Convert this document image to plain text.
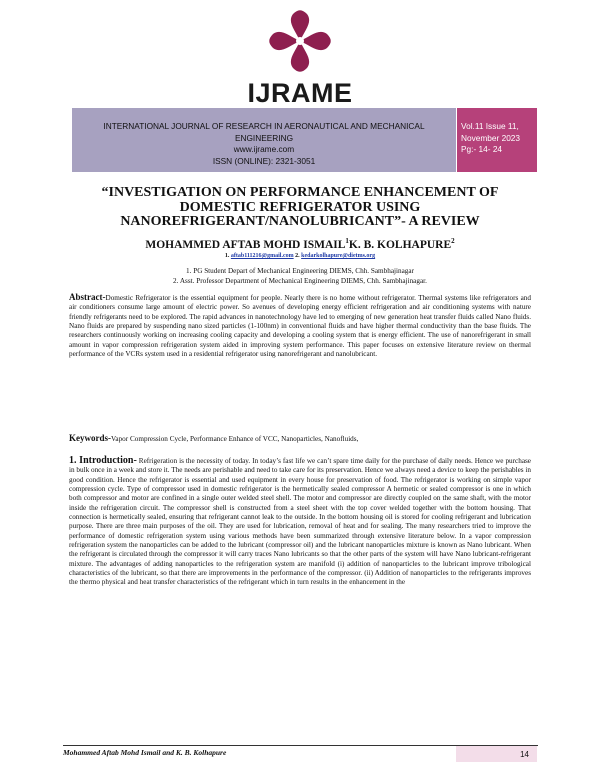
IJRAME
INTERNATIONAL JOURNAL OF RESEARCH IN AERONAUTICAL AND MECHANICAL
ENGINEERING
www.ijrame.com
ISSN (ONLINE): 2321-3051
Vol.11 Issue 11,
November 2023
Pg:- 14- 24
“INVESTIGATION ON PERFORMANCE ENHANCEMENT OF
DOMESTIC REFRIGERATOR USING
NANOREFRIGERANT/NANOLUBRICANT”- A REVIEW
MOHAMMED AFTAB MOHD ISMAIL$^1$K. B. KOLHAPURE$^2$
1. aftab111216@gmail.com 2. kedarkolhapure@dietms.org
1. PG Student Depart of Mechanical Engineering DIEMS, Chh. Sambhajinagar
2. Asst. Professor Department of Mechanical Engineering DIEMS, Chh. Sambhajinagar.
Abstract-Domestic Refrigerator is the essential equipment for people. Nearly there is no home without refrigerator. Thermal systems like refrigerators and air conditioners consume large amount of electric power. So avenues of developing energy efficient refrigeration and air conditioning systems with nature friendly refrigerants need to be explored. The rapid advances in nanotechnology have led to emerging of new generation heat transfer fluids called Nano fluids. Nano fluids are prepared by suspending nano sized particles (1-100nm) in conventional fluids and have higher thermal conductivity than the base fluids. The researchers continuously working on increasing cooling capacity and developing a cooling system that is energy efficient. The use of nanorefrigerant in small amount in vapor compression refrigeration system aided in improving system performance. This paper focuses on extensive literature review on thermal performance of the VCRs system used in a residential refrigerator using nanorefrigerant and nanolubricant.
Keywords-Vapor Compression Cycle, Performance Enhance of VCC, Nanoparticles, Nanofluids,
1. Introduction- Refrigeration is the necessity of today. In today’s fast life we can’t spare time daily for the purchase of daily needs. Hence we purchase in bulk once in a week and store it. The needs are perishable and need to take care for its preservation. Hence we always need a device to keep the perishables in good condition. Hence the refrigerator is essential and used equipment in every house for preservation of food. The refrigerator is working on simple vapor compression cycle. Type of compressor used in domestic refrigerator is the hermetically sealed compressor A hermetic or sealed compressor is one in which both compressor and motor are confined in a single outer welded steel shell. The motor and compressor are directly coupled on the same shaft, with the motor inside the refrigeration circuit. The compressor shell is constructed from a steel sheet with the top cover welded together with the bottom housing. That connection is hermetically sealed, ensuring that refrigerant cannot leak to the outside. In the bottom housing oil is stored for cooling refrigerant and lubrication purpose. There are three main purposes of the oil. They are used for lubrication, removal of heat and for sealing. The many researchers tried to improve the performance of domestic refrigeration system using various methods have been summarized through extensive literature below. In a vapor compression refrigeration system the nanoparticles can be added to the lubricant (compressor oil) and the lubricant nanoparticles mixture is known as Nano lubricant. When the refrigerant is circulated through the compressor it will carry traces Nano lubricants so that the other parts of the system will have Nano lubricant-refrigerant mixture. The advantages of adding nanoparticles to the refrigeration system are manifold (i) addition of nanoparticles to the lubricant improve tribological characteristics of the lubricant, so that there are improvements in the performance of the compressor. (ii) Addition of nanoparticles to the refrigerants improves the thermo physical and heat transfer characteristics of the refrigerant which in turn results in the enhancement in the
Mohammed Aftab Mohd Ismail and K. B. Kolhapure	14
